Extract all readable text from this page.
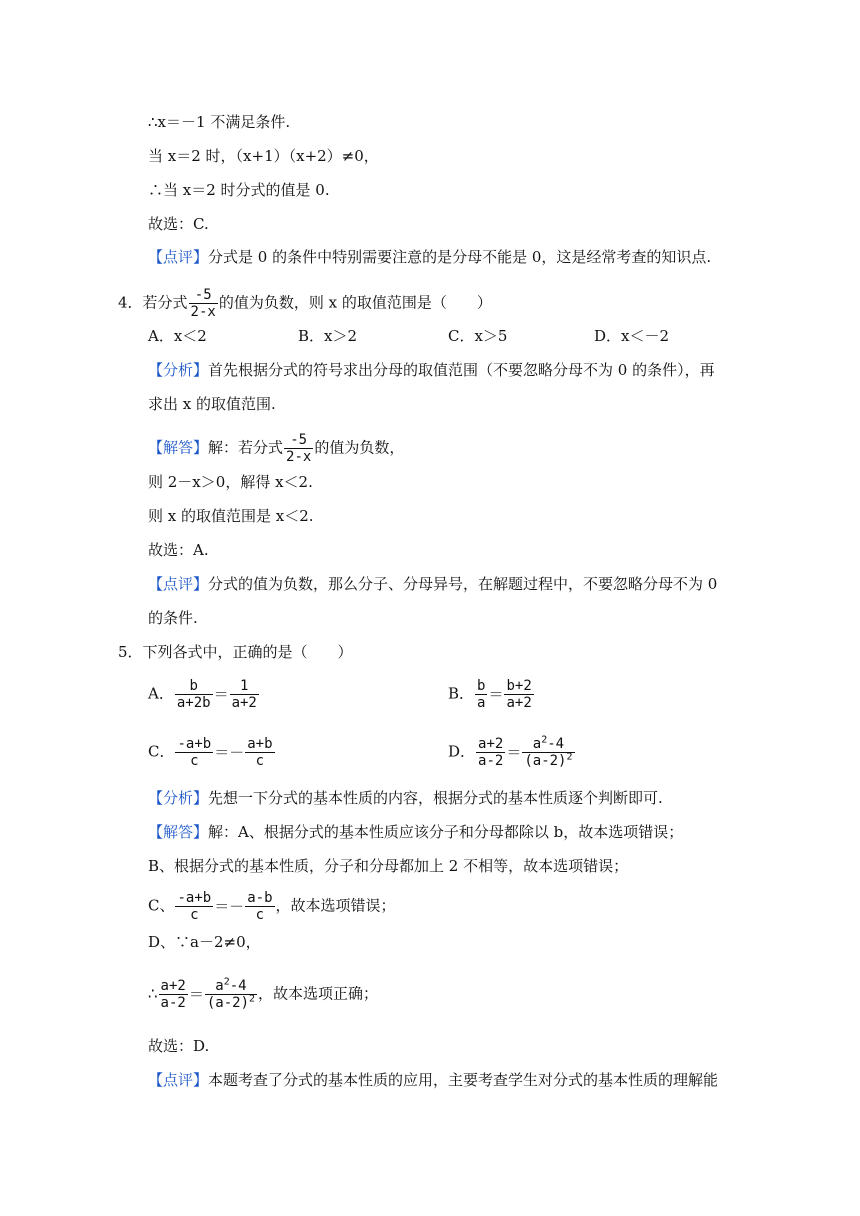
∴x＝－1 不满足条件.
当 x＝2 时，（x+1）（x+2）≠0，
∴当 x＝2 时分式的值是 0.
故选：C.
【点评】分式是 0 的条件中特别需要注意的是分母不能是 0，这是经常考查的知识点.
4．若分式 $\frac{-5}{2-x}$ 的值为负数，则 x 的取值范围是（　　）
A．x＜2	B．x＞2	C．x＞5	D．x＜－2
【分析】首先根据分式的符号求出分母的取值范围（不要忽略分母不为 0 的条件），再
求出 x 的取值范围.
【解答】解：若分式 $\frac{-5}{2-x}$ 的值为负数，
则 2－x＞0，解得 x＜2.
则 x 的取值范围是 x＜2.
故选：A.
【点评】分式的值为负数，那么分子、分母异号，在解题过程中，不要忽略分母不为 0
的条件.
5．下列各式中，正确的是（　　）
A． $\frac{b}{a+2b} = \frac{1}{a+2}$	B． $\frac{b}{a} = \frac{b+2}{a+2}$
C． $\frac{-a+b}{c} =- \frac{a+b}{c}$	D． $\frac{a+2}{a-2} = \frac{a^2-4}{(a-2)^2}$
【分析】先想一下分式的基本性质的内容，根据分式的基本性质逐个判断即可.
【解答】解：A、根据分式的基本性质应该分子和分母都除以 b，故本选项错误；
B、根据分式的基本性质，分子和分母都加上 2 不相等，故本选项错误；
C、 $\frac{-a+b}{c} =- \frac{a-b}{c}$ ，故本选项错误；
D、∵a－2≠0，
∴ $\frac{a+2}{a-2} = \frac{a^2-4}{(a-2)^2}$ ，故本选项正确；
故选：D.
【点评】本题考查了分式的基本性质的应用，主要考查学生对分式的基本性质的理解能
